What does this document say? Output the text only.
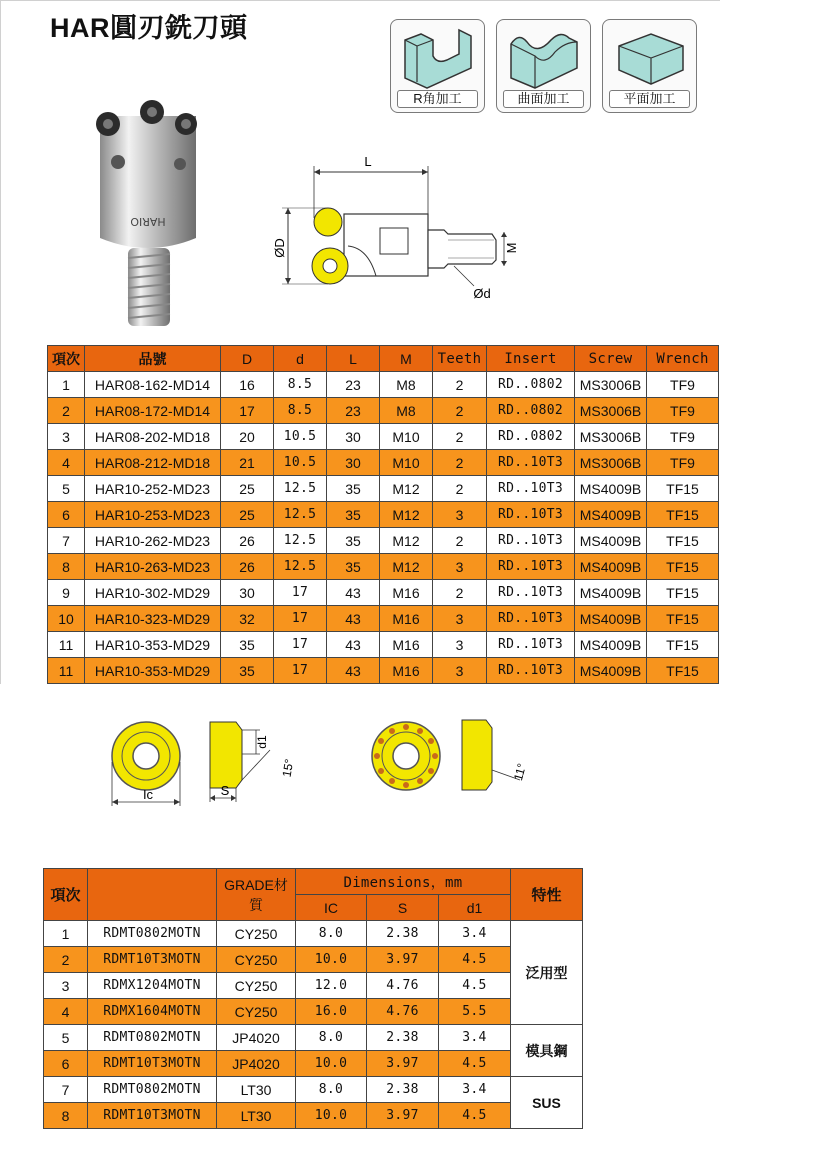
HAR圓刃銑刀頭
R角加工	曲面加工	平面加工
HARIO
L
ØD	M
Ød
項次	品號	D	d	L	M	Teeth	Insert	Screw	Wrench
1	HAR08-162-MD14	16	8.5	23	M8	2	RD..0802	MS3006B	TF9
2	HAR08-172-MD14	17	8.5	23	M8	2	RD..0802	MS3006B	TF9
3	HAR08-202-MD18	20	10.5	30	M10	2	RD..0802	MS3006B	TF9
4	HAR08-212-MD18	21	10.5	30	M10	2	RD..10T3	MS3006B	TF9
5	HAR10-252-MD23	25	12.5	35	M12	2	RD..10T3	MS4009B	TF15
6	HAR10-253-MD23	25	12.5	35	M12	3	RD..10T3	MS4009B	TF15
7	HAR10-262-MD23	26	12.5	35	M12	2	RD..10T3	MS4009B	TF15
8	HAR10-263-MD23	26	12.5	35	M12	3	RD..10T3	MS4009B	TF15
9	HAR10-302-MD29	30	17	43	M16	2	RD..10T3	MS4009B	TF15
10	HAR10-323-MD29	32	17	43	M16	3	RD..10T3	MS4009B	TF15
11	HAR10-353-MD29	35	17	43	M16	3	RD..10T3	MS4009B	TF15
11	HAR10-353-MD29	35	17	43	M16	3	RD..10T3	MS4009B	TF15
Ic	S
d1
15°	11°
項次		GRADE材質	Dimensions，mm			特性
			IC	S	d1	
1	RDMT0802MOTN	CY250	8.0	2.38	3.4	泛用型
2	RDMT10T3MOTN	CY250	10.0	3.97	4.5	
3	RDMX1204MOTN	CY250	12.0	4.76	4.5	
4	RDMX1604MOTN	CY250	16.0	4.76	5.5	
5	RDMT0802MOTN	JP4020	8.0	2.38	3.4	模具鋼
6	RDMT10T3MOTN	JP4020	10.0	3.97	4.5	
7	RDMT0802MOTN	LT30	8.0	2.38	3.4	SUS
8	RDMT10T3MOTN	LT30	10.0	3.97	4.5	
